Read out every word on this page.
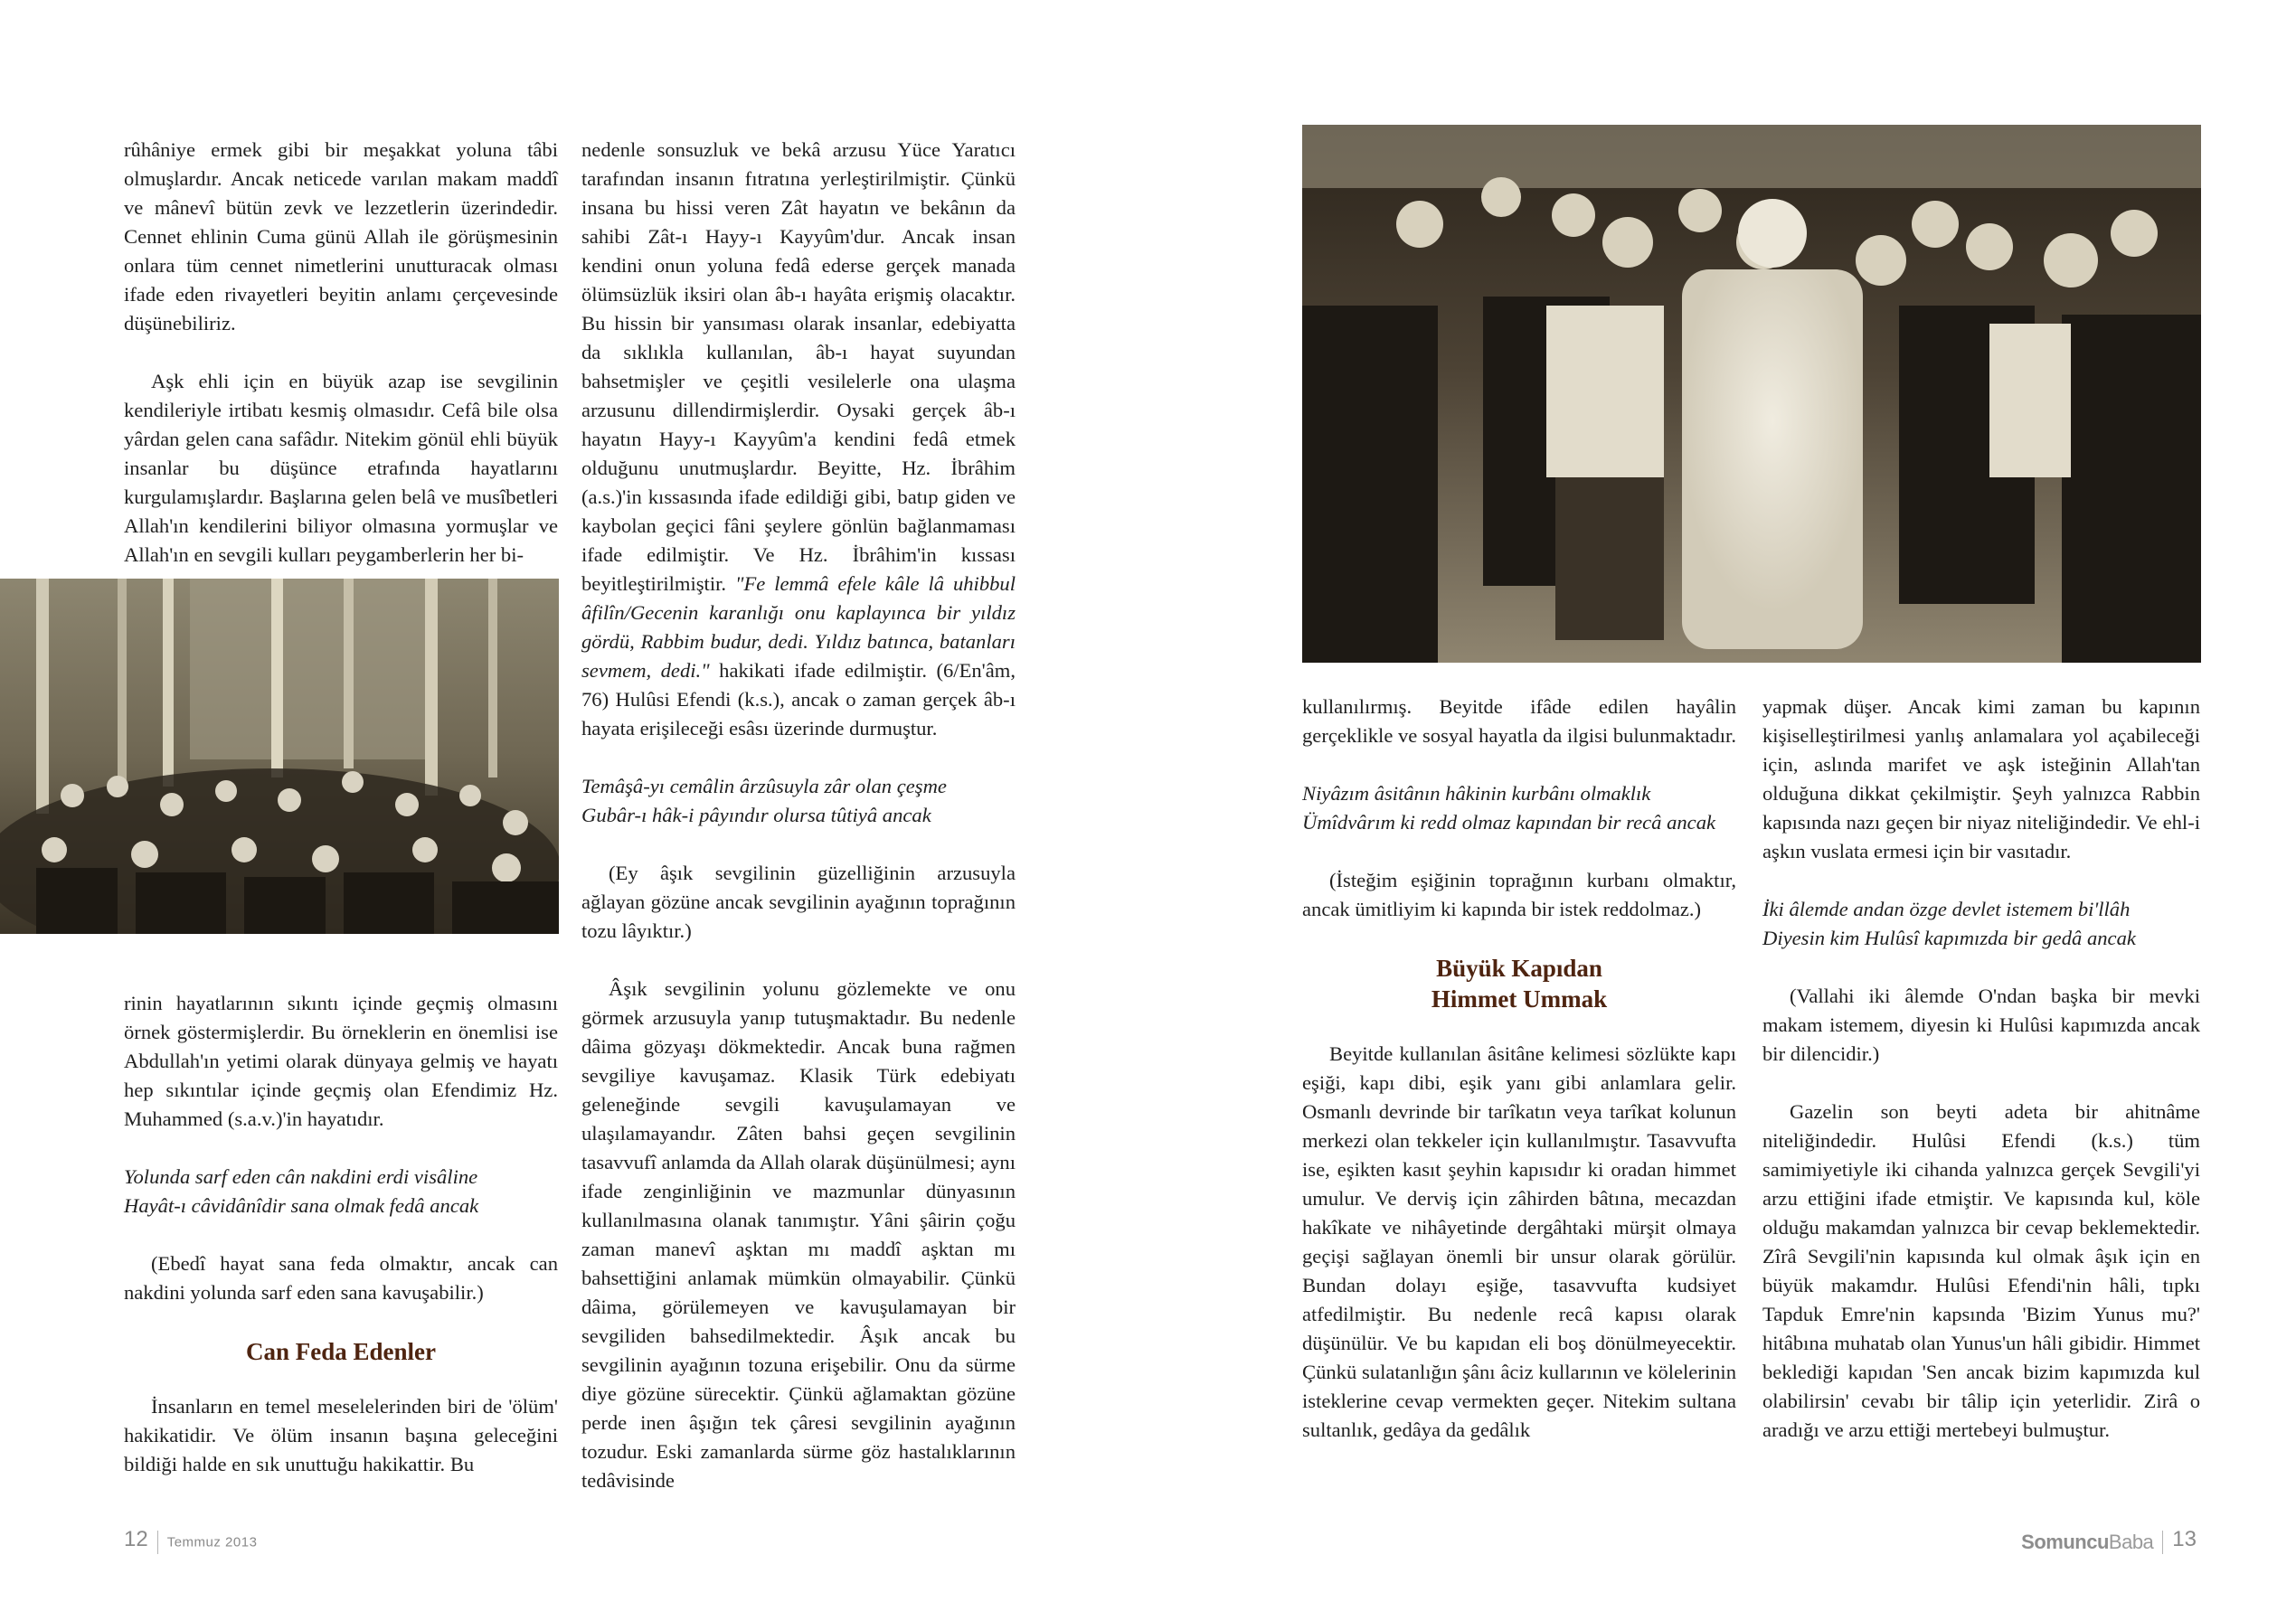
rûhâniye ermek gibi bir meşakkat yoluna tâbi olmuşlardır. Ancak neticede varılan makam maddî ve mânevî bütün zevk ve lezzetlerin üzerindedir. Cennet ehlinin Cuma günü Allah ile görüşmesinin onlara tüm cennet nimetlerini unutturacak olması ifade eden rivayetleri beyitin anlamı çerçevesinde düşünebiliriz.

Aşk ehli için en büyük azap ise sevgilinin kendileriyle irtibatı kesmiş olmasıdır. Cefâ bile olsa yârdan gelen cana safâdır. Nitekim gönül ehli büyük insanlar bu düşünce etrafında hayatlarını kurgulamışlardır. Başlarına gelen belâ ve musîbetleri Allah'ın kendilerini biliyor olmasına yormuşlar ve Allah'ın en sevgili kulları peygamberlerin her bi-

rinin hayatlarının sıkıntı içinde geçmiş olmasını örnek göstermişlerdir. Bu örneklerin en önemlisi ise Abdullah'ın yetimi olarak dünyaya gelmiş ve hayatı hep sıkıntılar içinde geçmiş olan Efendimiz Hz. Muhammed (s.a.v.)'in hayatıdır.

Yolunda sarf eden cân nakdini erdi visâline
Hayât-ı câvidânîdir sana olmak fedâ ancak

(Ebedî hayat sana feda olmaktır, ancak can nakdini yolunda sarf eden sana kavuşabilir.)

Can Feda Edenler

İnsanların en temel meselelerinden biri de 'ölüm' hakikatidir. Ve ölüm insanın başına geleceğini bildiği halde en sık unuttuğu hakikattir. Bu

nedenle sonsuzluk ve bekâ arzusu Yüce Yaratıcı tarafından insanın fıtratına yerleştirilmiştir. Çünkü insana bu hissi veren Zât hayatın ve bekânın da sahibi Zât-ı Hayy-ı Kayyûm'dur. Ancak insan kendini onun yoluna fedâ ederse gerçek manada ölümsüzlük iksiri olan âb-ı hayâta erişmiş olacaktır. Bu hissin bir yansıması olarak insanlar, edebiyatta da sıklıkla kullanılan, âb-ı hayat suyundan bahsetmişler ve çeşitli vesilelerle ona ulaşma arzusunu dillendirmişlerdir. Oysaki gerçek âb-ı hayatın Hayy-ı Kayyûm'a kendini fedâ etmek olduğunu unutmuşlardır. Beyitte, Hz. İbrâhim (a.s.)'in kıssasında ifade edildiği gibi, batıp giden ve kaybolan geçici fâni şeylere gönlün bağlanmaması ifade edilmiştir. Ve Hz. İbrâhim'in kıssası beyitleştirilmiştir. "Fe lemmâ efele kâle lâ uhibbul âfilîn/Gecenin karanlığı onu kaplayınca bir yıldız gördü, Rabbim budur, dedi. Yıldız batınca, batanları sevmem, dedi." hakikati ifade edilmiştir. (6/En'âm, 76) Hulûsi Efendi (k.s.), ancak o zaman gerçek âb-ı hayata erişileceği esâsı üzerinde durmuştur.

Temâşâ-yı cemâlin ârzûsuyla zâr olan çeşme
Gubâr-ı hâk-i pâyındır olursa tûtiyâ ancak

(Ey âşık sevgilinin güzelliğinin arzusuyla ağlayan gözüne ancak sevgilinin ayağının toprağının tozu lâyıktır.)

Âşık sevgilinin yolunu gözlemekte ve onu görmek arzusuyla yanıp tutuşmaktadır. Bu nedenle dâima gözyaşı dökmektedir. Ancak buna rağmen sevgiliye kavuşamaz. Klasik Türk edebiyatı geleneğinde sevgili kavuşulamayan ve ulaşılamayandır. Zâten bahsi geçen sevgilinin tasavvufî anlamda da Allah olarak düşünülmesi; aynı ifade zenginliğinin ve mazmunlar dünyasının kullanılmasına olanak tanımıştır. Yâni şâirin çoğu zaman manevî aşktan mı maddî aşktan mı bahsettiğini anlamak mümkün olmayabilir. Çünkü dâima, görülemeyen ve kavuşulamayan bir sevgiliden bahsedilmektedir. Âşık ancak bu sevgilinin ayağının tozuna erişebilir. Onu da sürme diye gözüne sürecektir. Çünkü ağlamaktan gözüne perde inen âşığın tek çâresi sevgilinin ayağının tozudur. Eski zamanlarda sürme göz hastalıklarının tedâvisinde

12 Temmuz 2013

kullanılırmış. Beyitde ifâde edilen hayâlin gerçeklikle ve sosyal hayatla da ilgisi bulunmaktadır.

Niyâzım âsitânın hâkinin kurbânı olmaklık
Ümîdvârım ki redd olmaz kapından bir recâ ancak

(İsteğim eşiğinin toprağının kurbanı olmaktır, ancak ümitliyim ki kapında bir istek reddolmaz.)

Büyük Kapıdan
Himmet Ummak

Beyitde kullanılan âsitâne kelimesi sözlükte kapı eşiği, kapı dibi, eşik yanı gibi anlamlara gelir. Osmanlı devrinde bir tarîkatın veya tarîkat kolunun merkezi olan tekkeler için kullanılmıştır. Tasavvufta ise, eşikten kasıt şeyhin kapısıdır ki oradan himmet umulur. Ve derviş için zâhirden bâtına, mecazdan hakîkate ve nihâyetinde dergâhtaki mürşit olmaya geçişi sağlayan önemli bir unsur olarak görülür. Bundan dolayı eşiğe, tasavvufta kudsiyet atfedilmiştir. Bu nedenle recâ kapısı olarak düşünülür. Ve bu kapıdan eli boş dönülmeyecektir. Çünkü sulatanlığın şânı âciz kullarının ve kölelerinin isteklerine cevap vermekten geçer. Nitekim sultana sultanlık, gedâya da gedâlık

yapmak düşer. Ancak kimi zaman bu kapının kişiselleştirilmesi yanlış anlamalara yol açabileceği için, aslında marifet ve aşk isteğinin Allah'tan olduğuna dikkat çekilmiştir. Şeyh yalnızca Rabbin kapısında nazı geçen bir niyaz niteliğindedir. Ve ehl-i aşkın vuslata ermesi için bir vasıtadır.

İki âlemde andan özge devlet istemem bi'llâh
Diyesin kim Hulûsî kapımızda bir gedâ ancak

(Vallahi iki âlemde O'ndan başka bir mevki makam istemem, diyesin ki Hulûsi kapımızda ancak bir dilencidir.)

Gazelin son beyti adeta bir ahitnâme niteliğindedir. Hulûsi Efendi (k.s.) tüm samimiyetiyle iki cihanda yalnızca gerçek Sevgili'yi arzu ettiğini ifade etmiştir. Ve kapısında kul, köle olduğu makamdan yalnızca bir cevap beklemektedir. Zîrâ Sevgili'nin kapısında kul olmak âşık için en büyük makamdır. Hulûsi Efendi'nin hâli, tıpkı Tapduk Emre'nin kapsında 'Bizim Yunus mu?' hitâbına muhatab olan Yunus'un hâli gibidir. Himmet beklediği kapıdan 'Sen ancak bizim kapımızda kul olabilirsin' cevabı bir tâlip için yeterlidir. Zirâ o aradığı ve arzu ettiği mertebeyi bulmuştur.

SomuncuBaba 13
